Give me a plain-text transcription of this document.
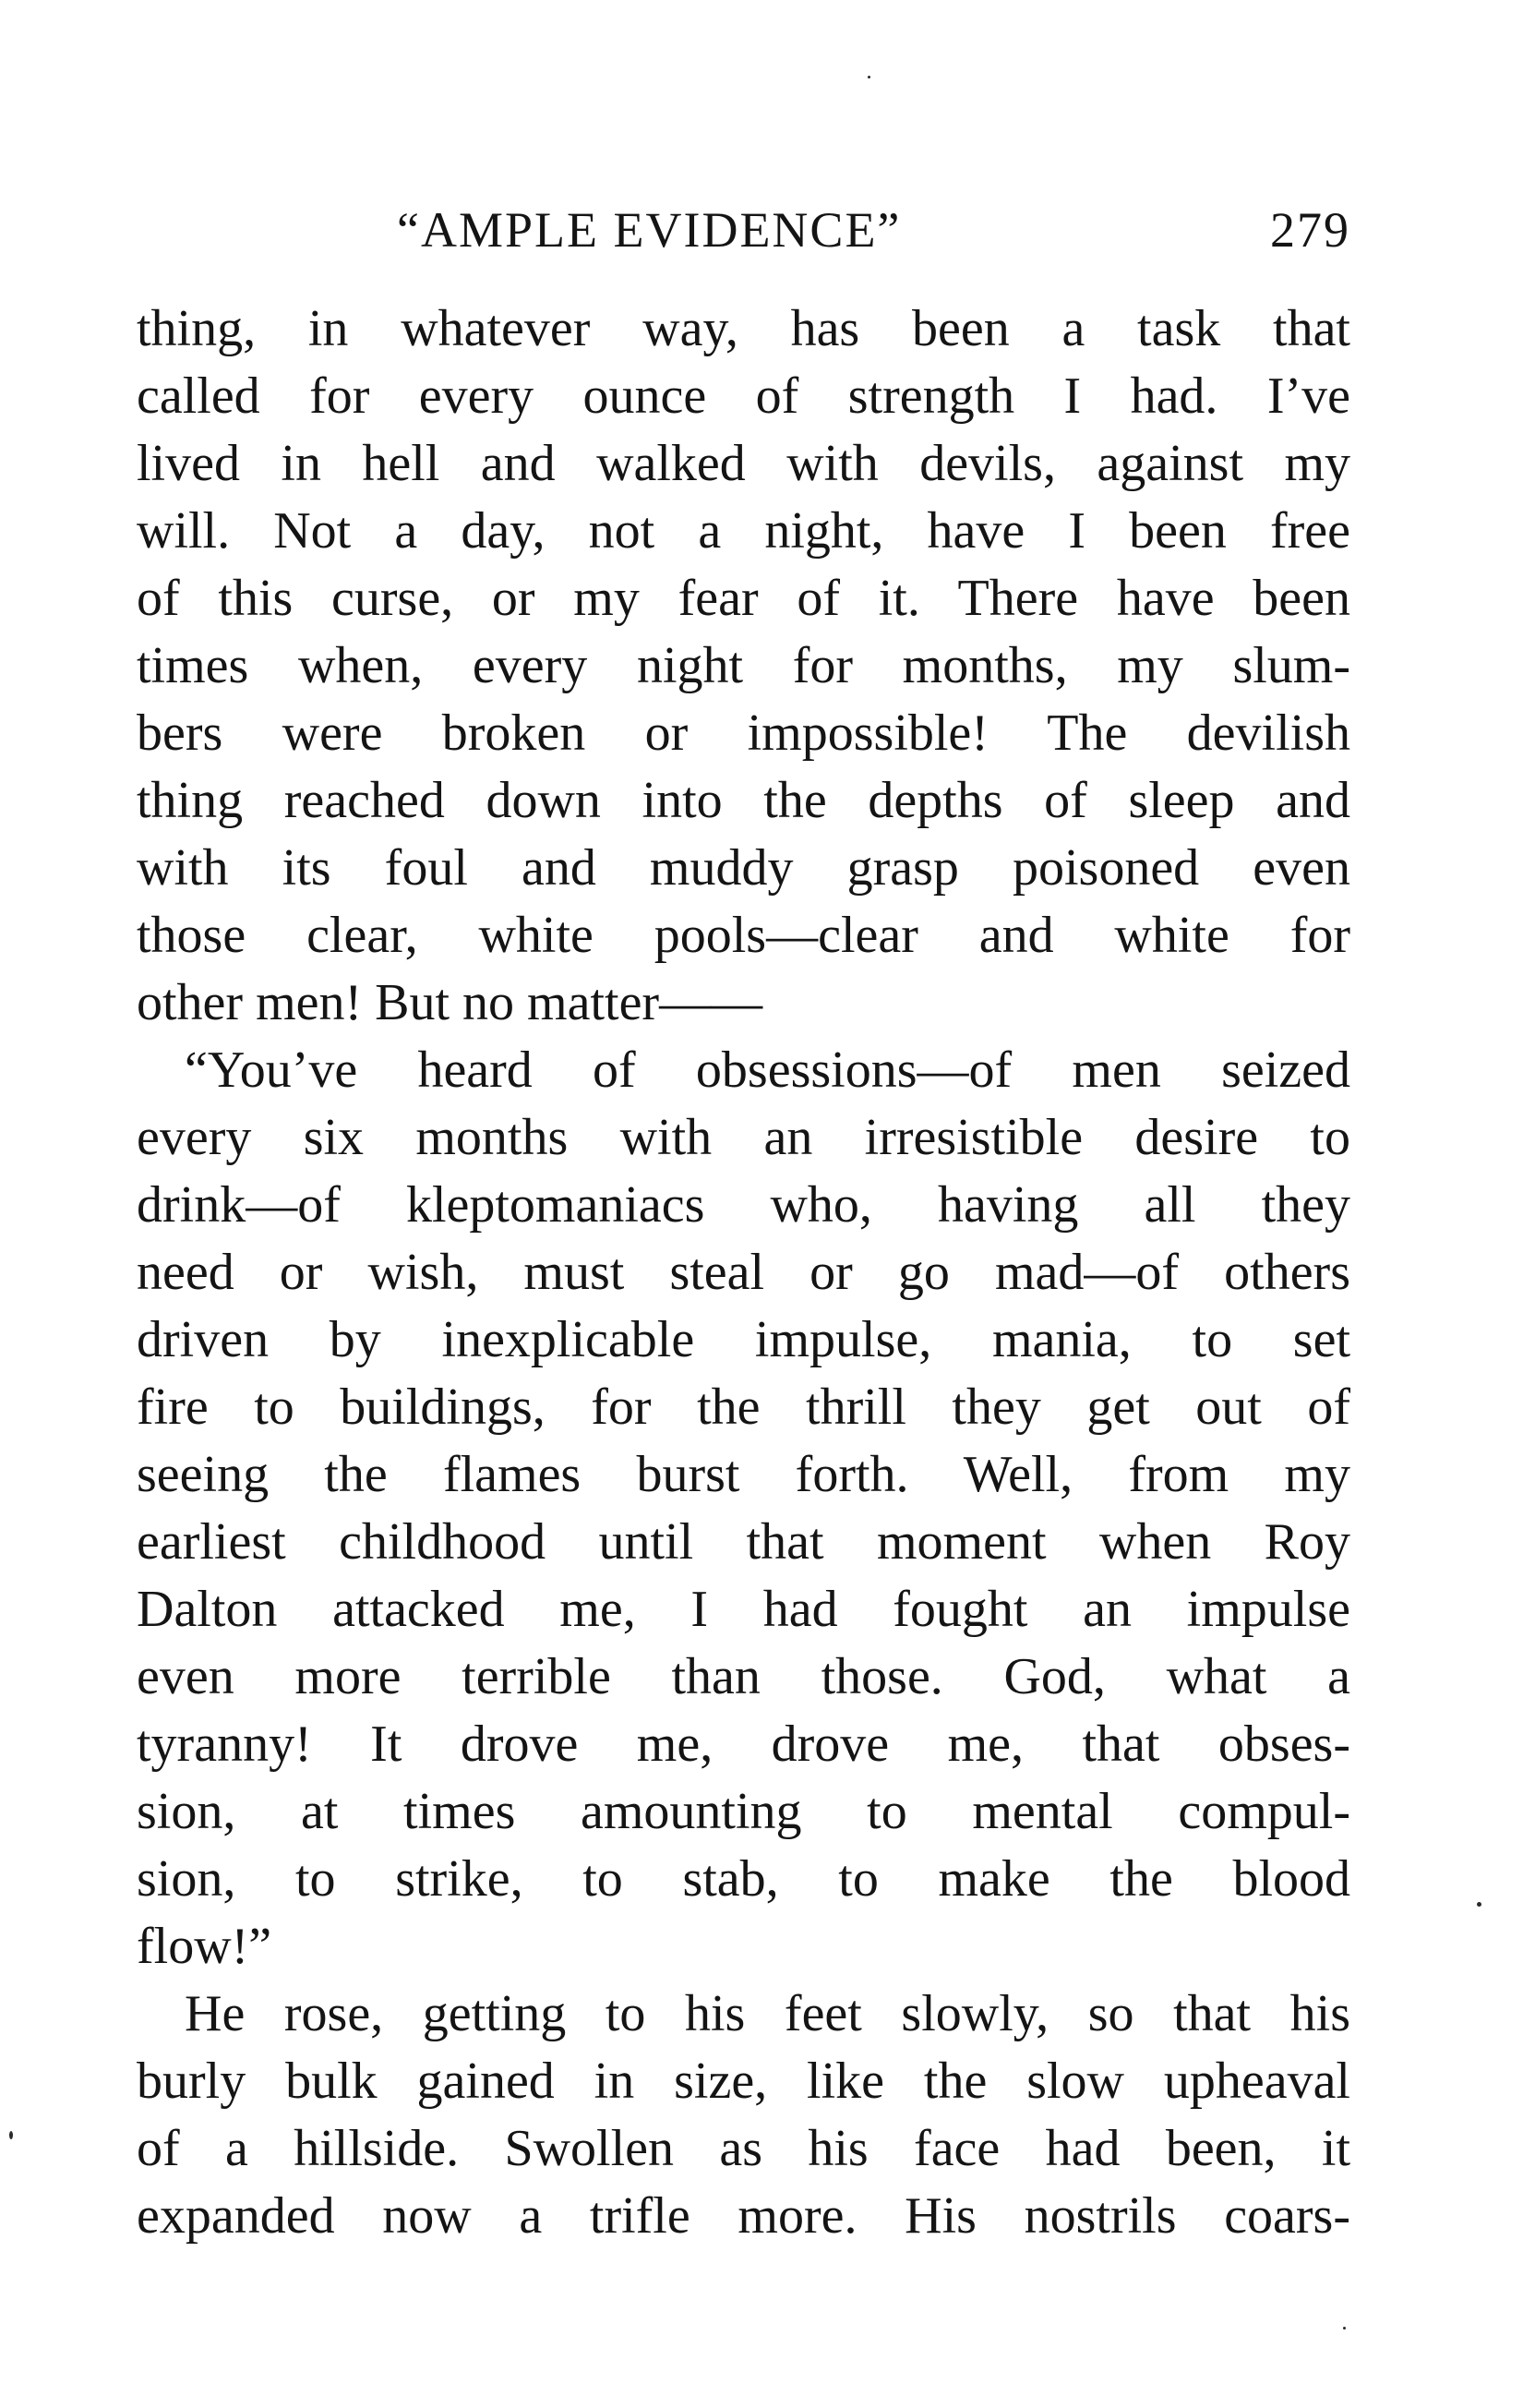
“AMPLE EVIDENCE”	279
thing, in whatever way, has been a task that
called for every ounce of strength I had. I’ve
lived in hell and walked with devils, against my
will. Not a day, not a night, have I been free
of this curse, or my fear of it. There have been
times when, every night for months, my slum-
bers were broken or impossible! The devilish
thing reached down into the depths of sleep and
with its foul and muddy grasp poisoned even
those clear, white pools—clear and white for
other men! But no matter——
“You’ve heard of obsessions—of men seized
every six months with an irresistible desire to
drink—of kleptomaniacs who, having all they
need or wish, must steal or go mad—of others
driven by inexplicable impulse, mania, to set
fire to buildings, for the thrill they get out of
seeing the flames burst forth. Well, from my
earliest childhood until that moment when Roy
Dalton attacked me, I had fought an impulse
even more terrible than those. God, what a
tyranny! It drove me, drove me, that obses-
sion, at times amounting to mental compul-
sion, to strike, to stab, to make the blood
flow!”
He rose, getting to his feet slowly, so that his
burly bulk gained in size, like the slow upheaval
of a hillside. Swollen as his face had been, it
expanded now a trifle more. His nostrils coars-
